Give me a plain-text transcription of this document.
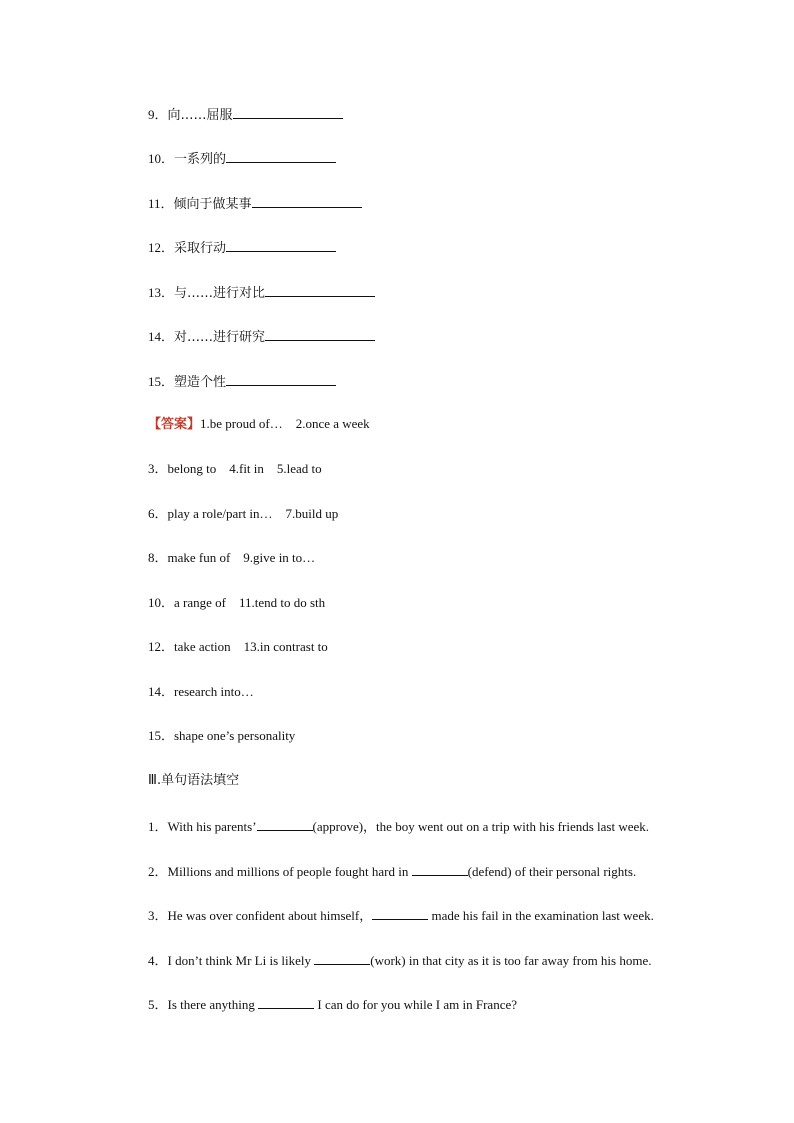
9．向……屈服
10．一系列的
11．倾向于做某事
12．采取行动
13．与……进行对比
14．对……进行研究
15．塑造个性
【答案】1.be proud of…　2.once a week
3．belong to　4.fit in　5.lead to
6．play a role/part in…　7.build up
8．make fun of　9.give in to…
10．a range of　11.tend to do sth
12．take action　13.in contrast to
14．research into…
15．shape one’s personality
Ⅲ.单句语法填空
1．With his parents’	(approve)，the boy went out on a trip with his friends last week.
2．Millions and millions of people fought hard in	(defend) of their personal rights.
3．He was over confident about himself，	made his fail in the examination last week.
4．I don’t think Mr Li is likely	(work) in that city as it is too far away from his home.
5．Is there anything	I can do for you while I am in France?
